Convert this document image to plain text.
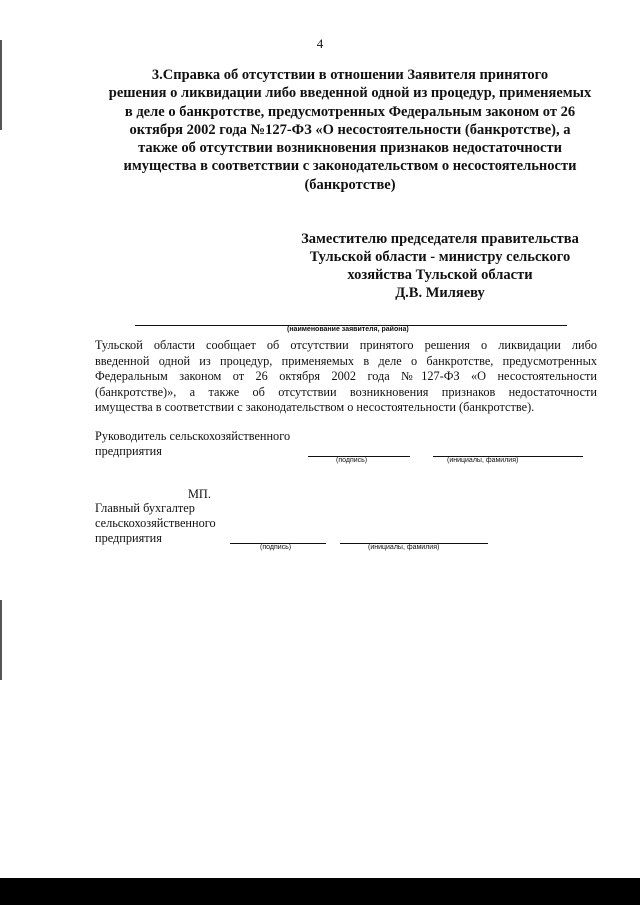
4
3.Справка об отсутствии в отношении Заявителя принятого
решения о ликвидации либо введенной одной из процедур, применяемых
в деле о банкротстве, предусмотренных Федеральным законом от 26
октября 2002 года №127-ФЗ «О несостоятельности (банкротстве), а
также об отсутствии возникновения признаков недостаточности
имущества в соответствии с законодательством о несостоятельности
(банкротстве)
Заместителю председателя правительства
Тульской области - министру сельского
хозяйства Тульской области
Д.В. Миляеву
(наименование заявителя, района)
Тульской области сообщает об отсутствии принятого решения о ликвидации либо
введенной одной из процедур, применяемых в деле о банкротстве, предусмотренных
Федеральным законом от 26 октября 2002 года №127-ФЗ «О несостоятельности
(банкротстве)», а также об отсутствии возникновения признаков недостаточности
имущества в соответствии с законодательством о несостоятельности (банкротстве).
Руководитель сельскохозяйственного
предприятия
(подпись)	(инициалы, фамилия)
МП.
Главный бухгалтер
сельскохозяйственного
предприятия
(подпись)	(инициалы, фамилия)
